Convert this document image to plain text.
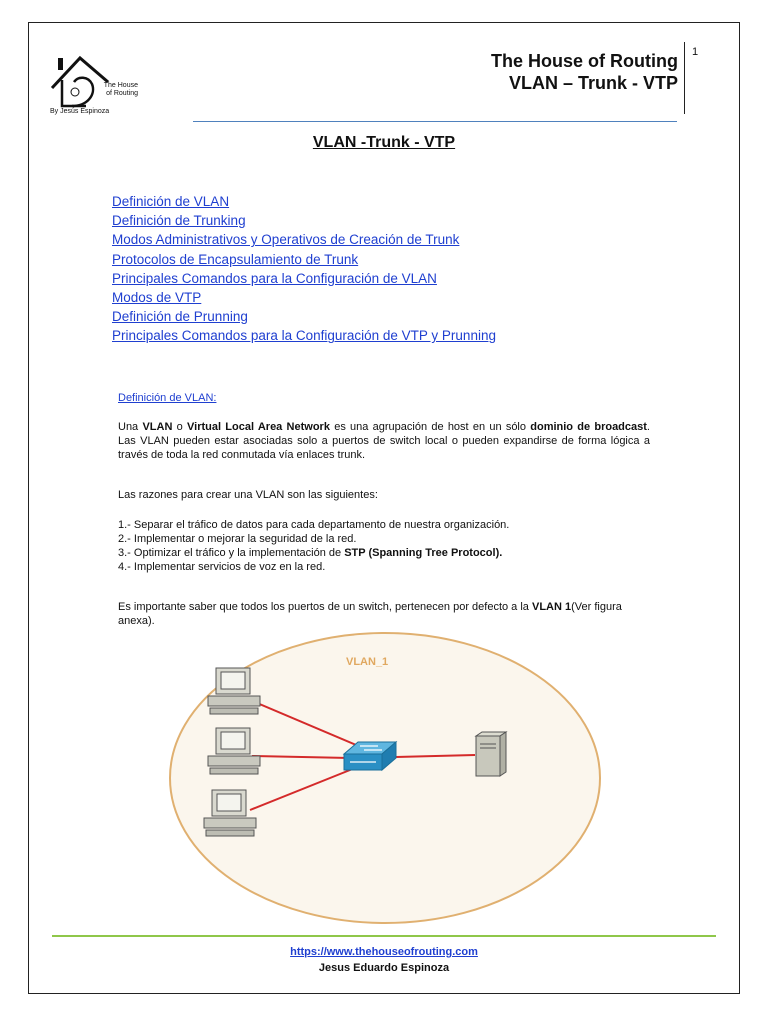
The House
of Routing
By Jesús Espinoza
The House of Routing
VLAN – Trunk - VTP
1
VLAN -Trunk - VTP
Definición de VLAN
Definición de Trunking
Modos Administrativos y Operativos de Creación de Trunk
Protocolos de Encapsulamiento de Trunk
Principales Comandos para la Configuración de VLAN
Modos de VTP
Definición de Prunning
Principales Comandos para la Configuración de VTP y Prunning
Definición de VLAN:
Una VLAN o Virtual Local Area Network es una agrupación de host en un sólo dominio de broadcast. Las VLAN pueden estar asociadas solo a puertos de switch local o pueden expandirse de forma lógica a través de toda la red conmutada vía enlaces trunk.
Las razones para crear una VLAN son las siguientes:
1.- Separar el tráfico de datos para cada departamento de nuestra organización.
2.- Implementar o mejorar la seguridad de la red.
3.- Optimizar el tráfico y la implementación de STP (Spanning Tree Protocol).
4.- Implementar servicios de voz en la red.
Es importante saber que todos los puertos de un switch, pertenecen por defecto a la VLAN 1(Ver figura anexa).
VLAN_1
https://www.thehouseofrouting.com
Jesus Eduardo Espinoza
